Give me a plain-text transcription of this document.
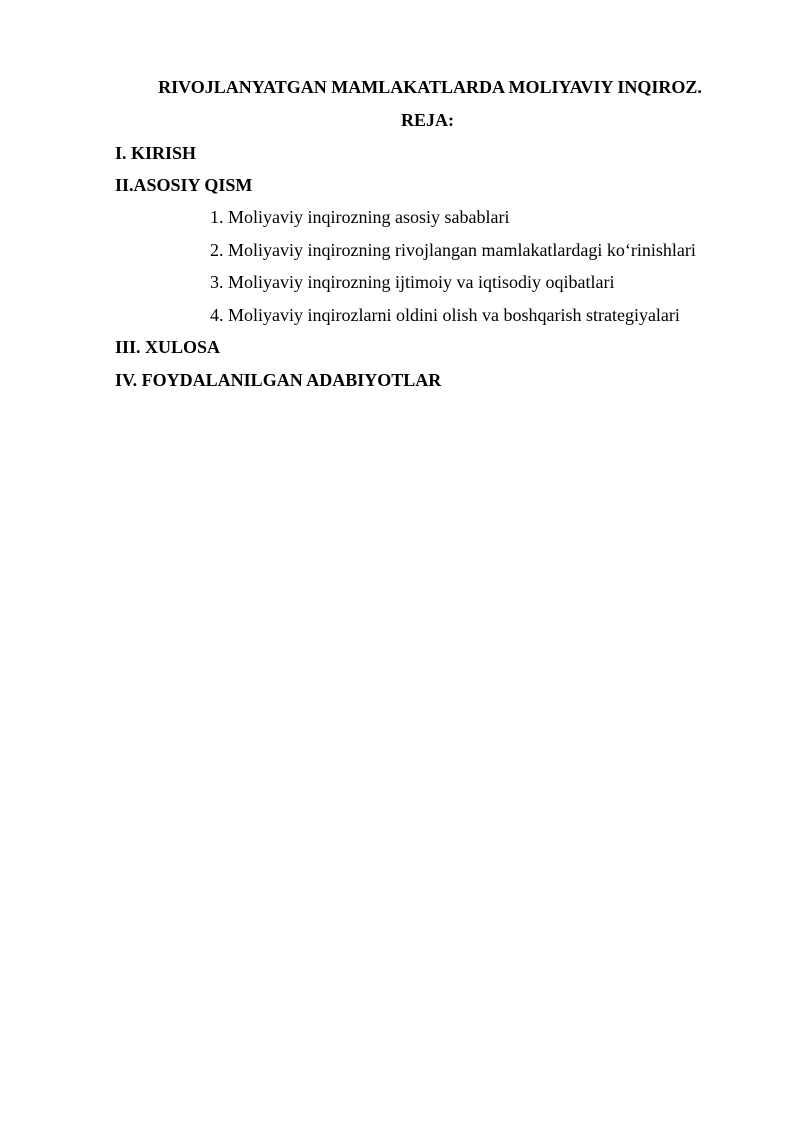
RIVOJLANYATGAN MAMLAKATLARDA MOLIYAVIY INQIROZ.
REJA:
I. KIRISH
II.ASOSIY QISM
1. Moliyaviy inqirozning asosiy sabablari
2. Moliyaviy inqirozning rivojlangan mamlakatlardagi ko‘rinishlari
3. Moliyaviy inqirozning ijtimoiy va iqtisodiy oqibatlari
4. Moliyaviy inqirozlarni oldini olish va boshqarish strategiyalari
III. XULOSA
IV. FOYDALANILGAN ADABIYOTLAR
